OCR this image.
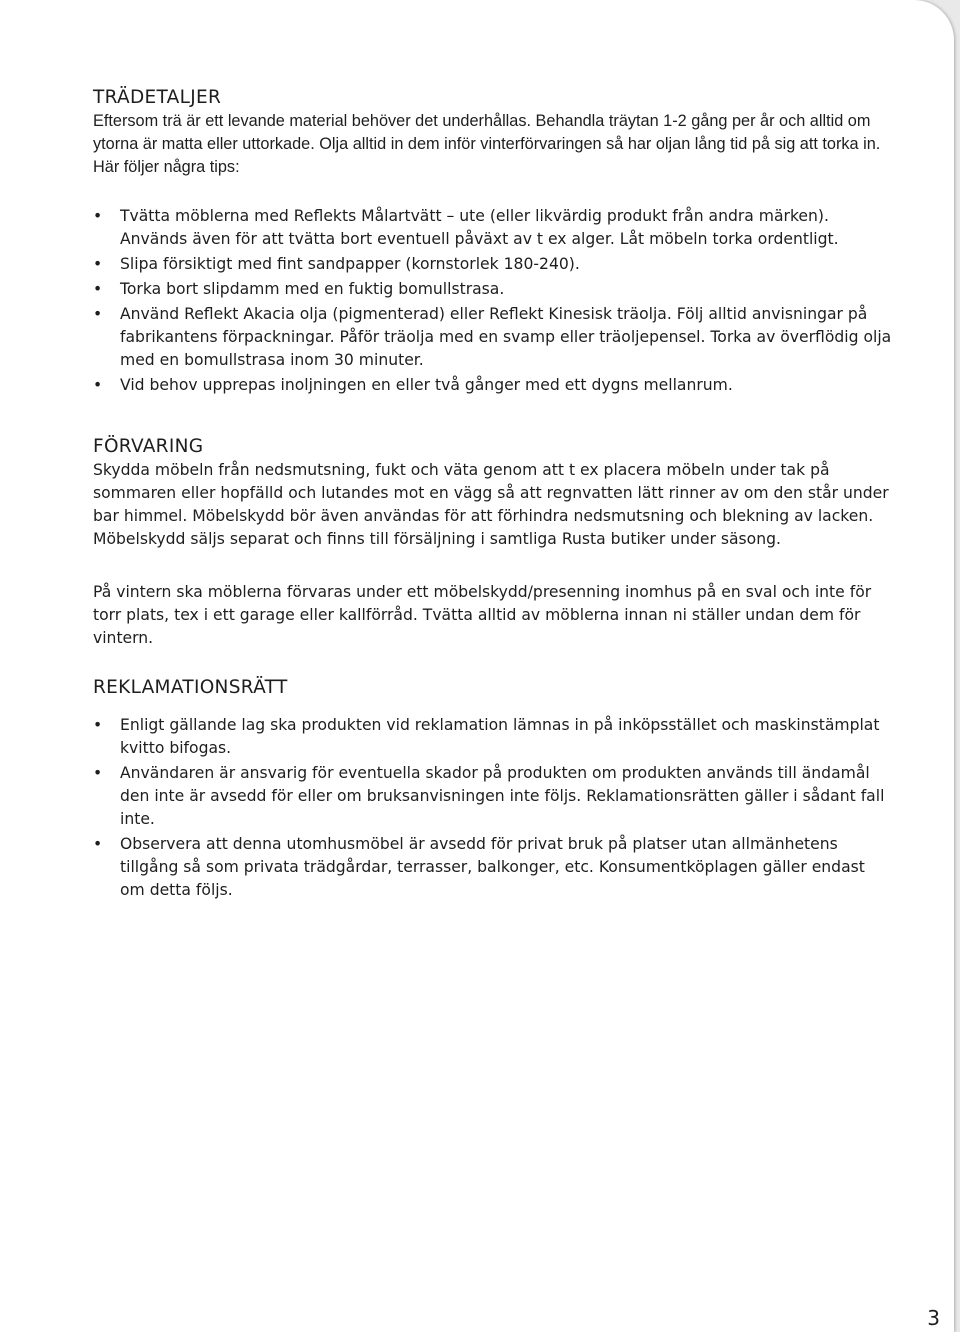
TRÄDETALJER

Eftersom trä är ett levande material behöver det underhållas. Behandla träytan 1-2 gång per år och alltid om ytorna är matta eller uttorkade. Olja alltid in dem inför vinterförvaringen så har oljan lång tid på sig att torka in.

Här följer några tips:

• Tvätta möblerna med Reflekts Målartvätt – ute (eller likvärdig produkt från andra märken). Används även för att tvätta bort eventuell påväxt av t ex alger. Låt möbeln torka ordentligt.
• Slipa försiktigt med fint sandpapper (kornstorlek 180-240).
• Torka bort slipdamm med en fuktig bomullstrasa.
• Använd Reflekt Akacia olja (pigmenterad) eller Reflekt Kinesisk träolja. Följ alltid anvisningar på fabrikantens förpackningar. Påför träolja med en svamp eller träoljepensel. Torka av överflödig olja med en bomullstrasa inom 30 minuter.
• Vid behov upprepas inoljningen en eller två gånger med ett dygns mellanrum.
FÖRVARING

Skydda möbeln från nedsmutsning, fukt och väta genom att t ex placera möbeln under tak på sommaren eller hopfälld och lutandes mot en vägg så att regnvatten lätt rinner av om den står under bar himmel. Möbelskydd bör även användas för att förhindra nedsmutsning och blekning av lacken. Möbelskydd säljs separat och finns till försäljning i samtliga Rusta butiker under säsong.

På vintern ska möblerna förvaras under ett möbelskydd/presenning inomhus på en sval och inte för torr plats, tex i ett garage eller kallförråd. Tvätta alltid av möblerna innan ni ställer undan dem för vintern.

REKLAMATIONSRÄTT
• Enligt gällande lag ska produkten vid reklamation lämnas in på inköpsstället och maskinstämplat kvitto bifogas.
• Användaren är ansvarig för eventuella skador på produkten om produkten används till ändamål den inte är avsedd för eller om bruksanvisningen inte följs. Reklamationsrätten gäller i sådant fall inte.
• Observera att denna utomhusmöbel är avsedd för privat bruk på platser utan allmänhetens tillgång så som privata trädgårdar, terrasser, balkonger, etc. Konsumentköplagen gäller endast om detta följs.
3
